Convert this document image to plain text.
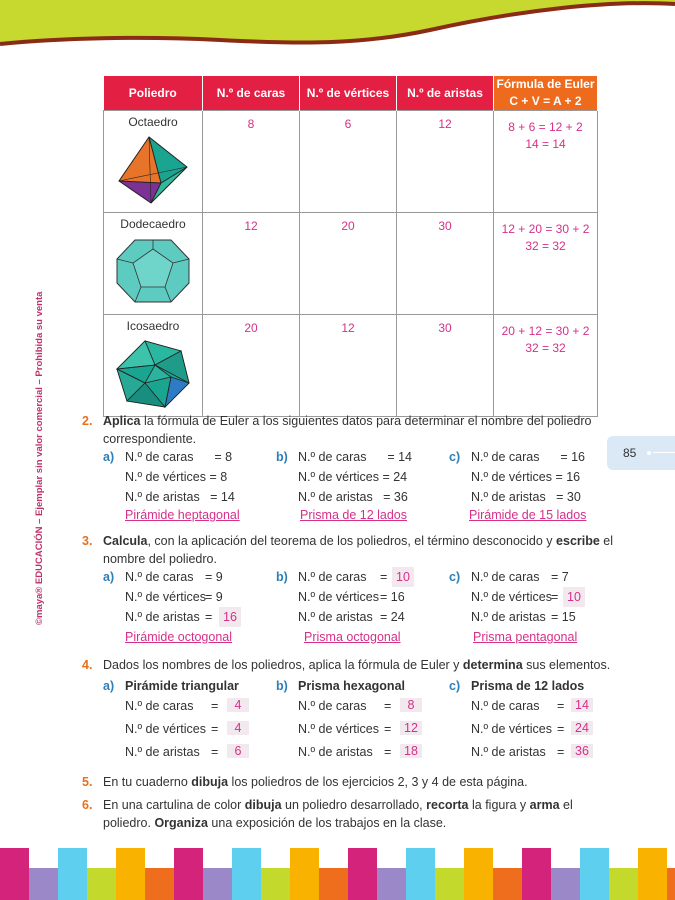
©maya® EDUCACIÓN – Ejemplar sin valor comercial – Prohibida su venta	85
Poliedro	N.º de caras	N.º de vértices	N.º de aristas	Fórmula de Euler
C + V = A + 2

Octaedro	8	6	12	8 + 6 = 12 + 2
14 = 14

Dodecaedro	12	20	30	12 + 20 = 30 + 2
32 = 32

Icosaedro	20	12	30	20 + 12 = 30 + 2
32 = 32
2. Aplica la fórmula de Euler a los siguientes datos para determinar el nombre del poliedro
correspondiente.
a) N.º de caras      = 8
N.º de vértices = 8
N.º de aristas   = 14
Pirámide heptagonal
b) N.º de caras      = 14
N.º de vértices = 24
N.º de aristas   = 36
Prisma de 12 lados
c) N.º de caras      = 16
N.º de vértices = 16
N.º de aristas   = 30
Pirámide de 15 lados
3. Calcula, con la aplicación del teorema de los poliedros, el término desconocido y escribe el
nombre del poliedro.
a) N.º de caras = 9
N.º de vértices = 9
N.º de aristas = 16
Pirámide octogonal
b) N.º de caras = 10
N.º de vértices = 16
N.º de aristas = 24
Prisma octogonal
c) N.º de caras = 7
N.º de vértices = 10
N.º de aristas = 15
Prisma pentagonal
4. Dados los nombres de los poliedros, aplica la fórmula de Euler y determina sus elementos.
a) Pirámide triangular
N.º de caras =	4
N.º de vértices =	4
N.º de aristas =	6
b) Prisma hexagonal
N.º de caras =	8
N.º de vértices =	12
N.º de aristas =	18
c) Prisma de 12 lados
N.º de caras = 14
N.º de vértices = 24
N.º de aristas = 36
5. En tu cuaderno dibuja los poliedros de los ejercicios 2, 3 y 4 de esta página.
6. En una cartulina de color dibuja un poliedro desarrollado, recorta la figura y arma el
poliedro. Organiza una exposición de los trabajos en la clase.
